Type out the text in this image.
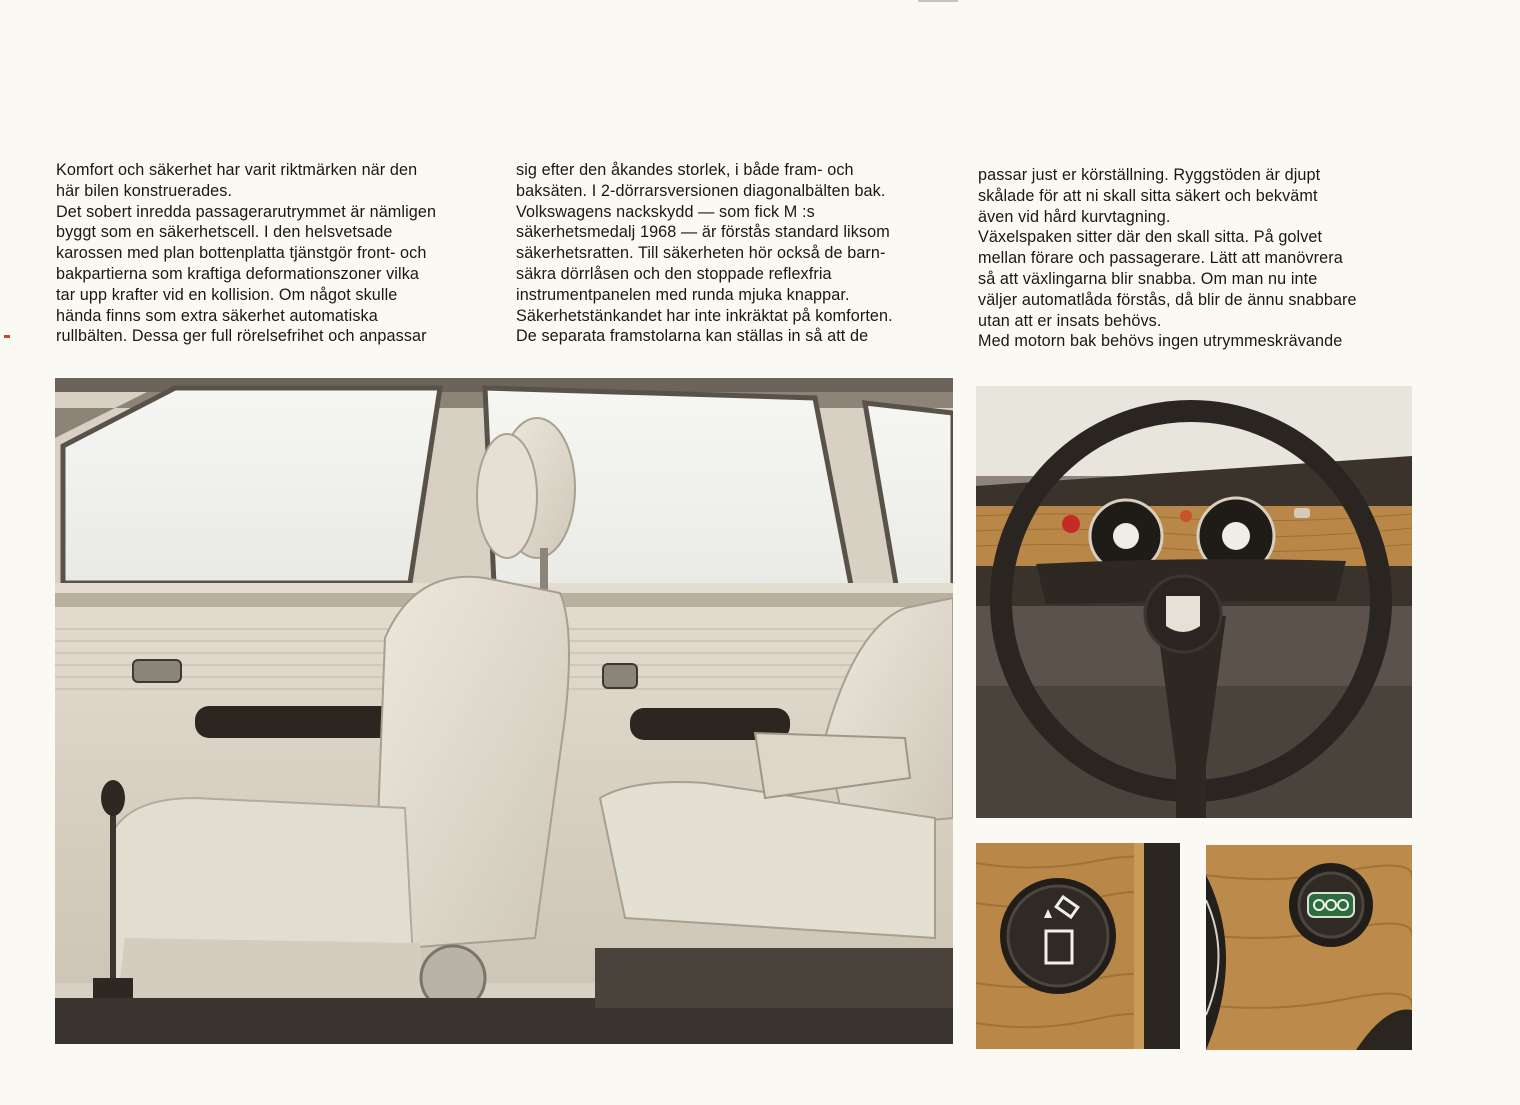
Komfort och säkerhet har varit riktmärken när den
här bilen konstruerades.
Det sobert inredda passagerarutrymmet är nämligen
byggt som en säkerhetscell. I den helsvetsade
karossen med plan bottenplatta tjänstgör front- och
bakpartierna som kraftiga deformationszoner vilka
tar upp krafter vid en kollision. Om något skulle
hända finns som extra säkerhet automatiska
rullbälten. Dessa ger full rörelsefrihet och anpassar

sig efter den åkandes storlek, i både fram- och
baksäten. I 2-dörrarsversionen diagonalbälten bak.
Volkswagens nackskydd — som fick M :s
säkerhetsmedalj 1968 — är förstås standard liksom
säkerhetsratten. Till säkerheten hör också de barn-
säkra dörrlåsen och den stoppade reflexfria
instrumentpanelen med runda mjuka knappar.
Säkerhetstänkandet har inte inkräktat på komforten.
De separata framstolarna kan ställas in så att de

passar just er körställning. Ryggstöden är djupt
skålade för att ni skall sitta säkert och bekvämt
även vid hård kurvtagning.
Växelspaken sitter där den skall sitta. På golvet
mellan förare och passagerare. Lätt att manövrera
så att växlingarna blir snabba. Om man nu inte
väljer automatlåda förstås, då blir de ännu snabbare
utan att er insats behövs.
Med motorn bak behövs ingen utrymmeskrävande
